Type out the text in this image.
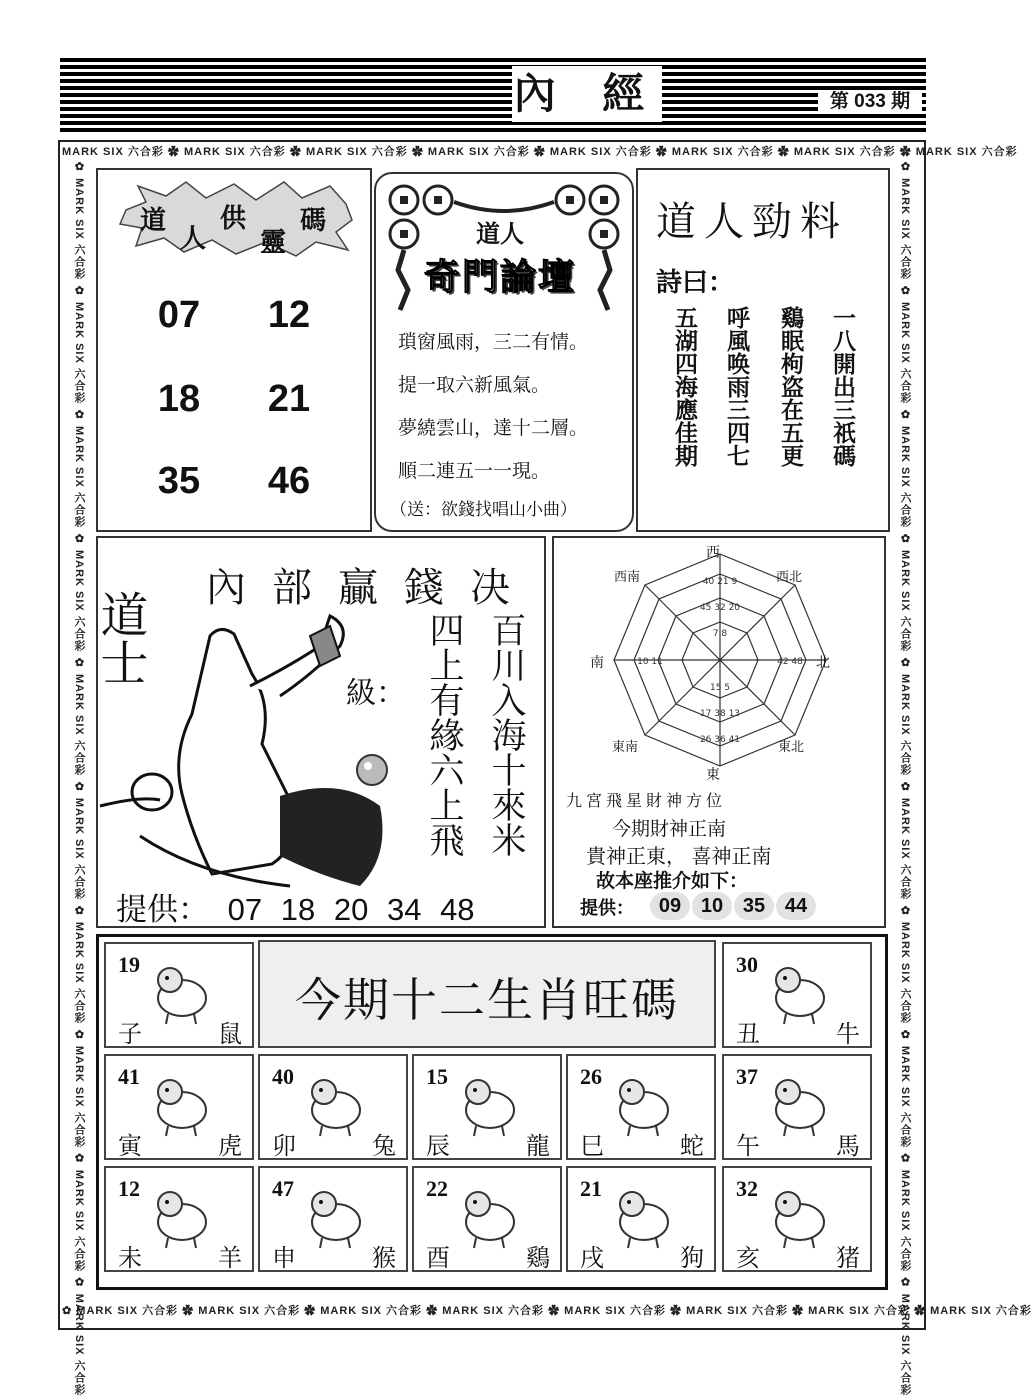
內 經	第 033 期
MARK SIX 六合彩 ✿ MARK SIX 六合彩 ✿ MARK SIX 六合彩 ✿ MARK SIX 六合彩 ✿ MARK SIX 六合彩 ✿ MARK SIX 六合彩 ✿ MARK SIX 六合彩 ✿ MARK SIX 六合彩
✿ MARK SIX 六合彩 ✿ MARK SIX 六合彩 ✿ MARK SIX 六合彩 ✿ MARK SIX 六合彩 ✿ MARK SIX 六合彩 ✿ MARK SIX 六合彩 ✿ MARK SIX 六合彩 ✿ MARK SIX 六合彩
✿ MARK SIX 六合彩 ✿ MARK SIX 六合彩 ✿ MARK SIX 六合彩 ✿ MARK SIX 六合彩 ✿ MARK SIX 六合彩 ✿ MARK SIX 六合彩 ✿ MARK SIX 六合彩 ✿ MARK SIX 六合彩 ✿ MARK SIX 六合彩 ✿ MARK SIX 六合彩
✿ MARK SIX 六合彩 ✿ MARK SIX 六合彩 ✿ MARK SIX 六合彩 ✿ MARK SIX 六合彩 ✿ MARK SIX 六合彩 ✿ MARK SIX 六合彩 ✿ MARK SIX 六合彩 ✿ MARK SIX 六合彩 ✿ MARK SIX 六合彩 ✿ MARK SIX 六合彩
道
人
供
靈
碼
07	12
18	21
35	46
道人
奇門論壇
瑣窗風雨，三二有情。
提一取六新風氣。
夢繞雲山，達十二層。
順二連五一一現。
（送：欲錢找唱山小曲）
道人勁料
詩曰：
一八開出三祇碼
鷄眠枸盗在五更
呼風唤雨三四七
五湖四海應佳期
內部贏錢决
道士	百川入海十來米
四上有緣六上飛
級：
提供： 07 18 20 34 48
40 21 9
45 32 20
7 8
15 5
17 38 13
26 36 41
10 11	42 48
西
東
南	北
西南	西北
東南	東北
九宮飛星財神方位
今期財神正南
貴神正東， 喜神正南
故本座推介如下：
提供：	09 10 35 44
今期十二生肖旺碼
19
子	鼠
30
丑	牛
41
寅	虎
40
卯	兔
15
辰	龍
26
巳	蛇
37
午	馬
12
未	羊
47
申	猴
22
酉	鷄
21
戌	狗
32
亥	猪
